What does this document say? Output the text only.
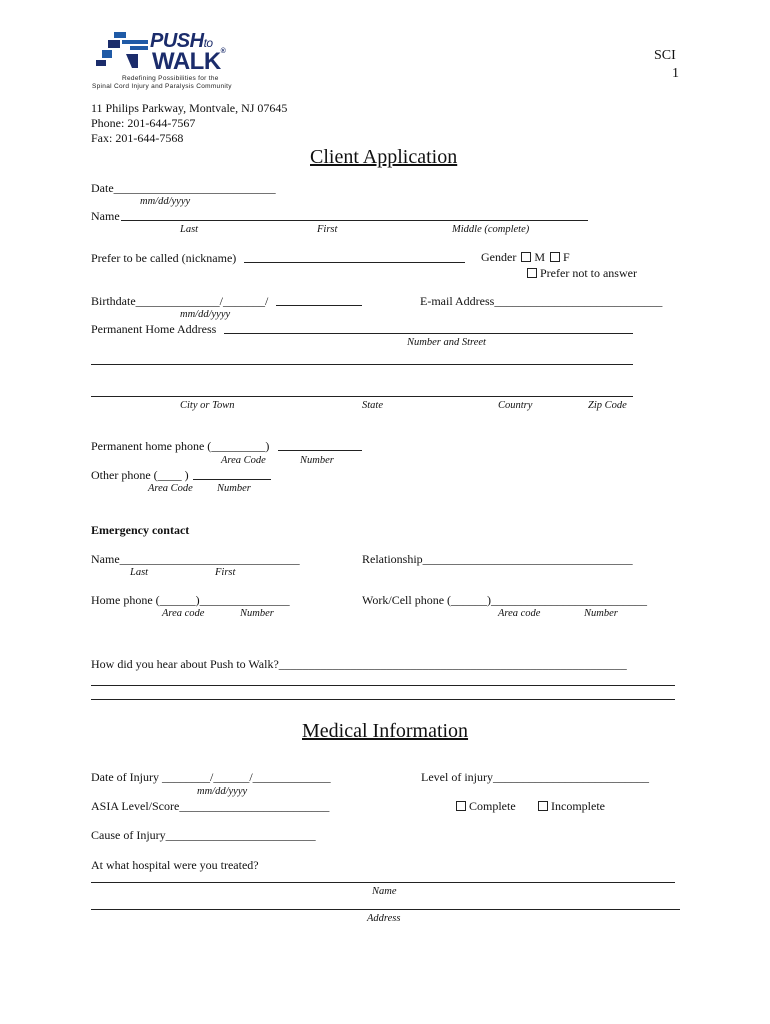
PUSHto
WALK®
Redefining Possibilities for the
Spinal Cord Injury and Paralysis Community
SCI
1
11 Philips Parkway, Montvale, NJ 07645
Phone: 201-644-7567
Fax: 201-644-7568
Client Application
Date___________________________
mm/dd/yyyy
Name
Last	First	Middle (complete)
Prefer to be called (nickname)	Gender M F
Prefer not to answer
Birthdate______________/_______/
mm/dd/yyyy
E-mail Address____________________________
Permanent Home Address
Number and Street
City or Town	State	Country	Zip Code
Permanent home phone (_________)
Area Code	Number
Other phone (____ )
Area Code Number
Emergency contact
Name______________________________
Last	First
Relationship___________________________________
Home phone (______)_______________
Area code	Number
Work/Cell phone (______)__________________________
Area code	Number
How did you hear about Push to Walk?__________________________________________________________
Medical Information
Date of Injury ________/______/_____________
mm/dd/yyyy
Level of injury__________________________
ASIA Level/Score_________________________	Complete	Incomplete
Cause of Injury_________________________
At what hospital were you treated?
Name
Address
